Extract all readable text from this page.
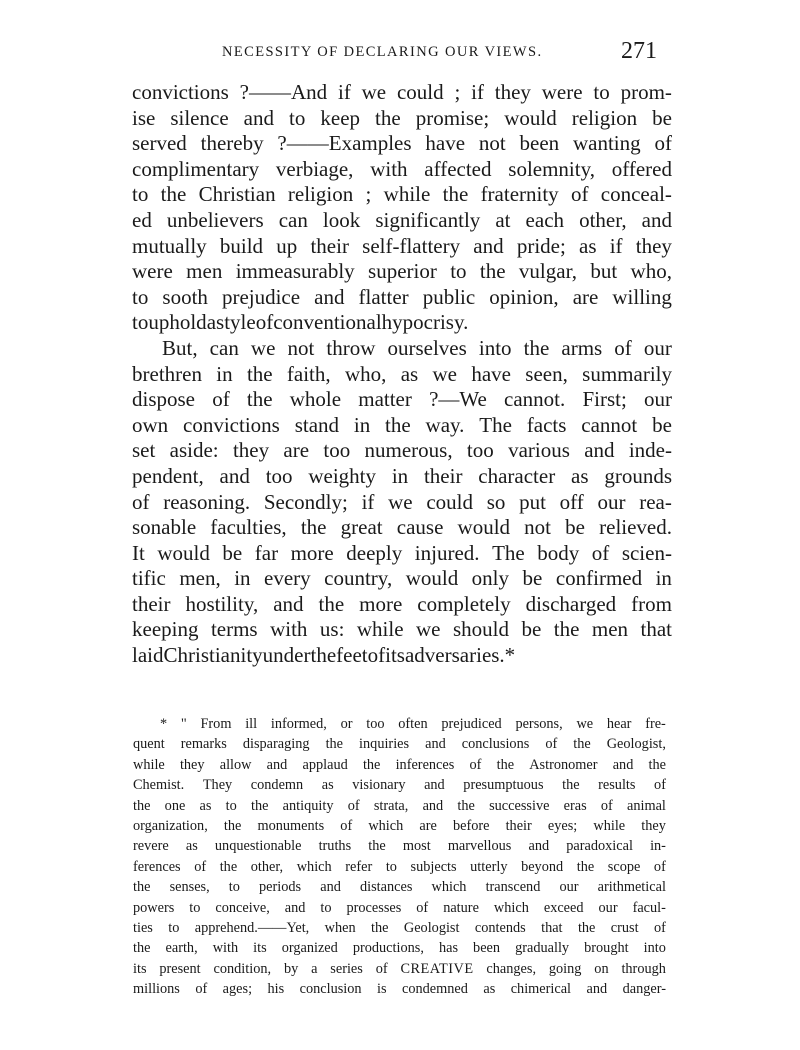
NECESSITY OF DECLARING OUR VIEWS.	271
convictions ?——And if we could ; if they were to prom-
ise silence and to keep the promise; would religion be
served thereby ?——Examples have not been wanting of
complimentary verbiage, with affected solemnity, offered
to the Christian religion ; while the fraternity of conceal-
ed unbelievers can look significantly at each other, and
mutually build up their self-flattery and pride; as if they
were men immeasurably superior to the vulgar, but who,
to sooth prejudice and flatter public opinion, are willing
to uphold a style of conventional hypocrisy.
But, can we not throw ourselves into the arms of our
brethren in the faith, who, as we have seen, summarily
dispose of the whole matter ?—We cannot. First; our
own convictions stand in the way. The facts cannot be
set aside: they are too numerous, too various and inde-
pendent, and too weighty in their character as grounds
of reasoning. Secondly; if we could so put off our rea-
sonable faculties, the great cause would not be relieved.
It would be far more deeply injured. The body of scien-
tific men, in every country, would only be confirmed in
their hostility, and the more completely discharged from
keeping terms with us: while we should be the men that
laid Christianity under the feet of its adversaries.*
* " From ill informed, or too often prejudiced persons, we hear fre-
quent remarks disparaging the inquiries and conclusions of the Geologist,
while they allow and applaud the inferences of the Astronomer and the
Chemist. They condemn as visionary and presumptuous the results of
the one as to the antiquity of strata, and the successive eras of animal
organization, the monuments of which are before their eyes; while they
revere as unquestionable truths the most marvellous and paradoxical in-
ferences of the other, which refer to subjects utterly beyond the scope of
the senses, to periods and distances which transcend our arithmetical
powers to conceive, and to processes of nature which exceed our facul-
ties to apprehend.——Yet, when the Geologist contends that the crust of
the earth, with its organized productions, has been gradually brought into
its present condition, by a series of CREATIVE changes, going on through
millions of ages; his conclusion is condemned as chimerical and danger-
